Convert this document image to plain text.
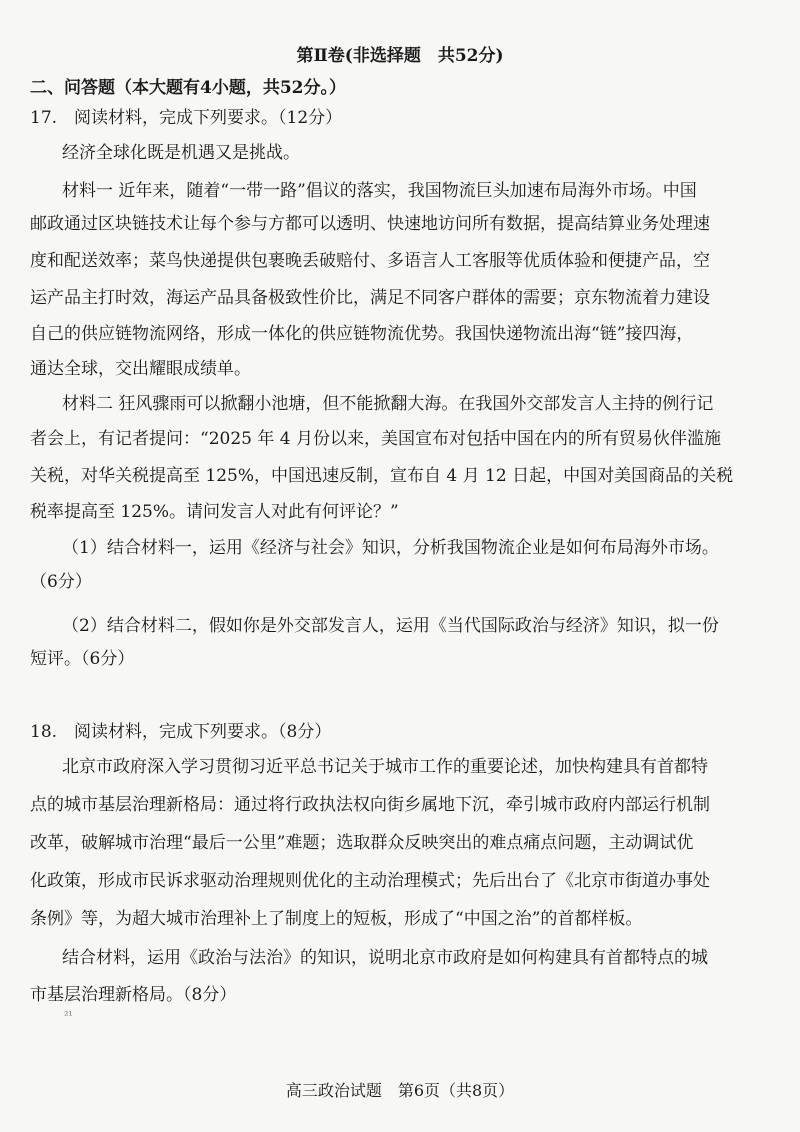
第Ⅱ卷(非选择题　共52分)
二、问答题（本大题有4小题，共52分。）
17.　阅读材料，完成下列要求。（12分）
经济全球化既是机遇又是挑战。
材料一 近年来，随着“一带一路”倡议的落实，我国物流巨头加速布局海外市场。中国
邮政通过区块链技术让每个参与方都可以透明、快速地访问所有数据，提高结算业务处理速
度和配送效率；菜鸟快递提供包裹晚丢破赔付、多语言人工客服等优质体验和便捷产品，空
运产品主打时效，海运产品具备极致性价比，满足不同客户群体的需要；京东物流着力建设
自己的供应链物流网络，形成一体化的供应链物流优势。我国快递物流出海“链”接四海，
通达全球，交出耀眼成绩单。
材料二 狂风骤雨可以掀翻小池塘，但不能掀翻大海。在我国外交部发言人主持的例行记
者会上，有记者提问：“2025 年 4 月份以来，美国宣布对包括中国在内的所有贸易伙伴滥施
关税，对华关税提高至 125%，中国迅速反制，宣布自 4 月 12 日起，中国对美国商品的关税
税率提高至 125%。请问发言人对此有何评论？”
（1）结合材料一，运用《经济与社会》知识，分析我国物流企业是如何布局海外市场。
（6分）
（2）结合材料二，假如你是外交部发言人，运用《当代国际政治与经济》知识，拟一份
短评。（6分）
18.　阅读材料，完成下列要求。（8分）
北京市政府深入学习贯彻习近平总书记关于城市工作的重要论述，加快构建具有首都特
点的城市基层治理新格局：通过将行政执法权向街乡属地下沉，牵引城市政府内部运行机制
改革，破解城市治理“最后一公里”难题；选取群众反映突出的难点痛点问题，主动调试优
化政策，形成市民诉求驱动治理规则优化的主动治理模式；先后出台了《北京市街道办事处
条例》等，为超大城市治理补上了制度上的短板，形成了“中国之治”的首都样板。
结合材料，运用《政治与法治》的知识，说明北京市政府是如何构建具有首都特点的城
市基层治理新格局。（8分）
²¹
高三政治试题　第6页（共8页）
